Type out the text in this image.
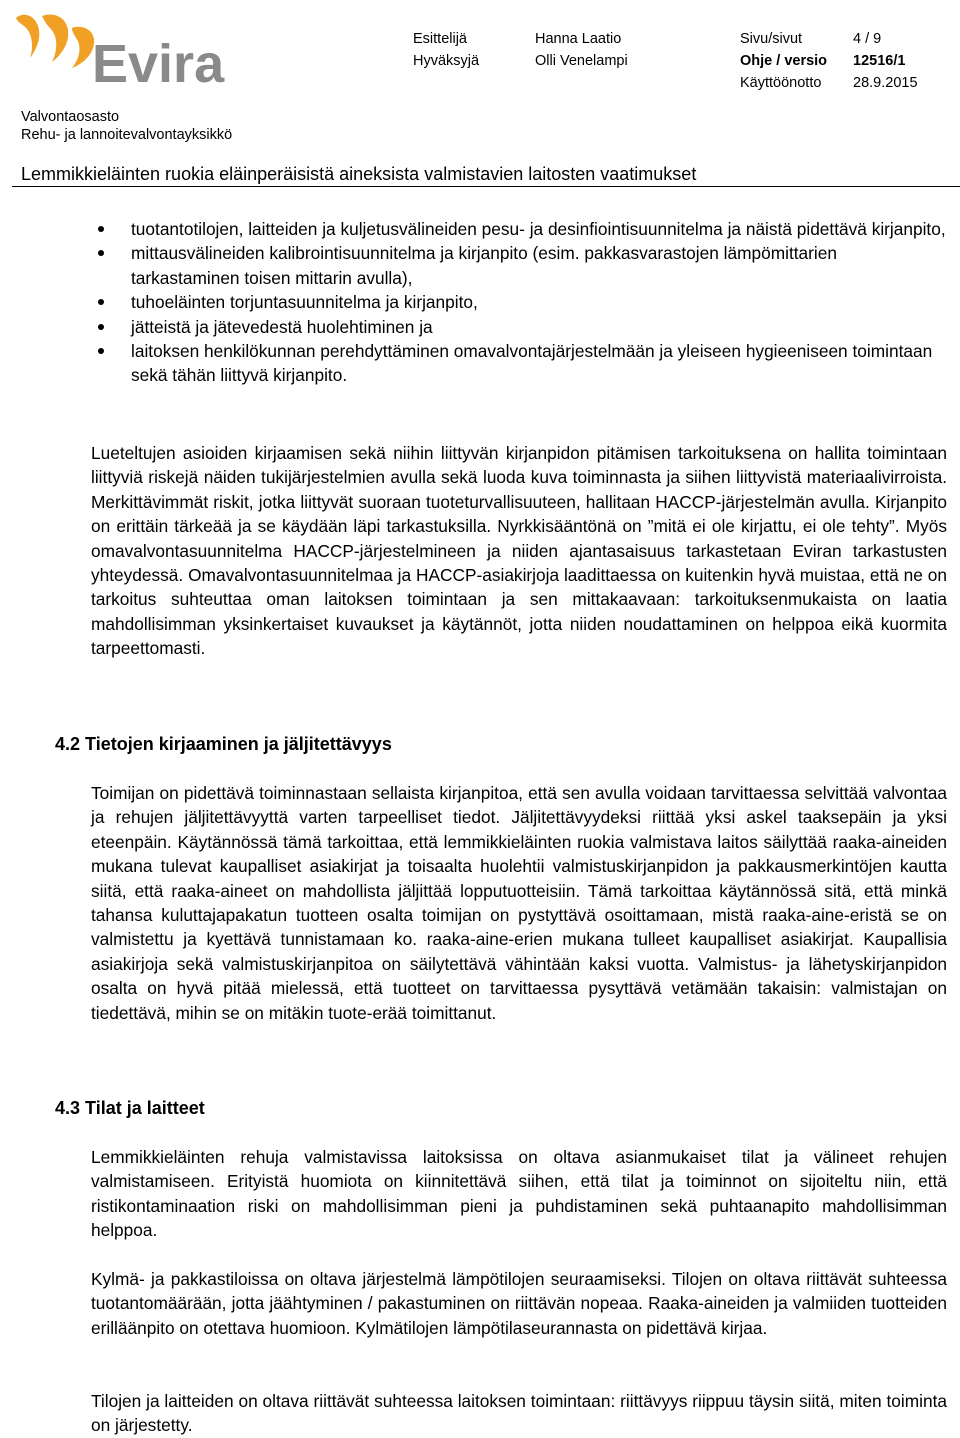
Evira	Esittelijä	Hanna Laatio	Sivu/sivut	4 / 9
Hyväksyjä	Olli Venelampi	Ohje / versio 12516/1
Käyttöönotto 28.9.2015
Valvontaosasto
Rehu- ja lannoitevalvontayksikkö
Lemmikkieläinten ruokia eläinperäisistä aineksista valmistavien laitosten vaatimukset
tuotantotilojen, laitteiden ja kuljetusvälineiden pesu- ja desinfiointisuunnitelma ja näistä pidettävä kirjanpito,
mittausvälineiden kalibrointisuunnitelma ja kirjanpito (esim. pakkasvarastojen lämpömittarien tarkastaminen toisen mittarin avulla),
tuhoeläinten torjuntasuunnitelma ja kirjanpito,
jätteistä ja jätevedestä huolehtiminen ja
laitoksen henkilökunnan perehdyttäminen omavalvontajärjestelmään ja yleiseen hygieeniseen toimintaan sekä tähän liittyvä kirjanpito.

Lueteltujen asioiden kirjaamisen sekä niihin liittyvän kirjanpidon pitämisen tarkoituksena on hallita toimintaan liittyviä riskejä näiden tukijärjestelmien avulla sekä luoda kuva toiminnasta ja siihen liittyvistä materiaalivirroista. Merkittävimmät riskit, jotka liittyvät suoraan tuoteturvallisuuteen, hallitaan HACCP-järjestelmän avulla. Kirjanpito on erittäin tärkeää ja se käydään läpi tarkastuksilla. Nyrkkisääntönä on ”mitä ei ole kirjattu, ei ole tehty”. Myös omavalvontasuunnitelma HACCP-järjestelmineen ja niiden ajantasaisuus tarkastetaan Eviran tarkastusten yhteydessä. Omavalvontasuunnitelmaa ja HACCP-asiakirjoja laadittaessa on kuitenkin hyvä muistaa, että ne on tarkoitus suhteuttaa oman laitoksen toimintaan ja sen mittakaavaan: tarkoituksenmukaista on laatia mahdollisimman yksinkertaiset kuvaukset ja käytännöt, jotta niiden noudattaminen on helppoa eikä kuormita tarpeettomasti.

4.2 Tietojen kirjaaminen ja jäljitettävyys

Toimijan on pidettävä toiminnastaan sellaista kirjanpitoa, että sen avulla voidaan tarvittaessa selvittää valvontaa ja rehujen jäljitettävyyttä varten tarpeelliset tiedot. Jäljitettävyydeksi riittää yksi askel taaksepäin ja yksi eteenpäin. Käytännössä tämä tarkoittaa, että lemmikkieläinten ruokia valmistava laitos säilyttää raaka-aineiden mukana tulevat kaupalliset asiakirjat ja toisaalta huolehtii valmistuskirjanpidon ja pakkausmerkintöjen kautta siitä, että raaka-aineet on mahdollista jäljittää lopputuotteisiin. Tämä tarkoittaa käytännössä sitä, että minkä tahansa kuluttajapakatun tuotteen osalta toimijan on pystyttävä osoittamaan, mistä raaka-aine-eristä se on valmistettu ja kyettävä tunnistamaan ko. raaka-aine-erien mukana tulleet kaupalliset asiakirjat. Kaupallisia asiakirjoja sekä valmistuskirjanpitoa on säilytettävä vähintään kaksi vuotta. Valmistus- ja lähetyskirjanpidon osalta on hyvä pitää mielessä, että tuotteet on tarvittaessa pysyttävä vetämään takaisin: valmistajan on tiedettävä, mihin se on mitäkin tuote-erää toimittanut.

4.3 Tilat ja laitteet

Lemmikkieläinten rehuja valmistavissa laitoksissa on oltava asianmukaiset tilat ja välineet rehujen valmistamiseen. Erityistä huomiota on kiinnitettävä siihen, että tilat ja toiminnot on sijoiteltu niin, että ristikontaminaation riski on mahdollisimman pieni ja puhdistaminen sekä puhtaanapito mahdollisimman helppoa.

Kylmä- ja pakkastiloissa on oltava järjestelmä lämpötilojen seuraamiseksi. Tilojen on oltava riittävät suhteessa tuotantomäärään, jotta jäähtyminen / pakastuminen on riittävän nopeaa. Raaka-aineiden ja valmiiden tuotteiden erilläänpito on otettava huomioon. Kylmätilojen lämpötilaseurannasta on pidettävä kirjaa.

Tilojen ja laitteiden on oltava riittävät suhteessa laitoksen toimintaan: riittävyys riippuu täysin siitä, miten toiminta on järjestetty.
